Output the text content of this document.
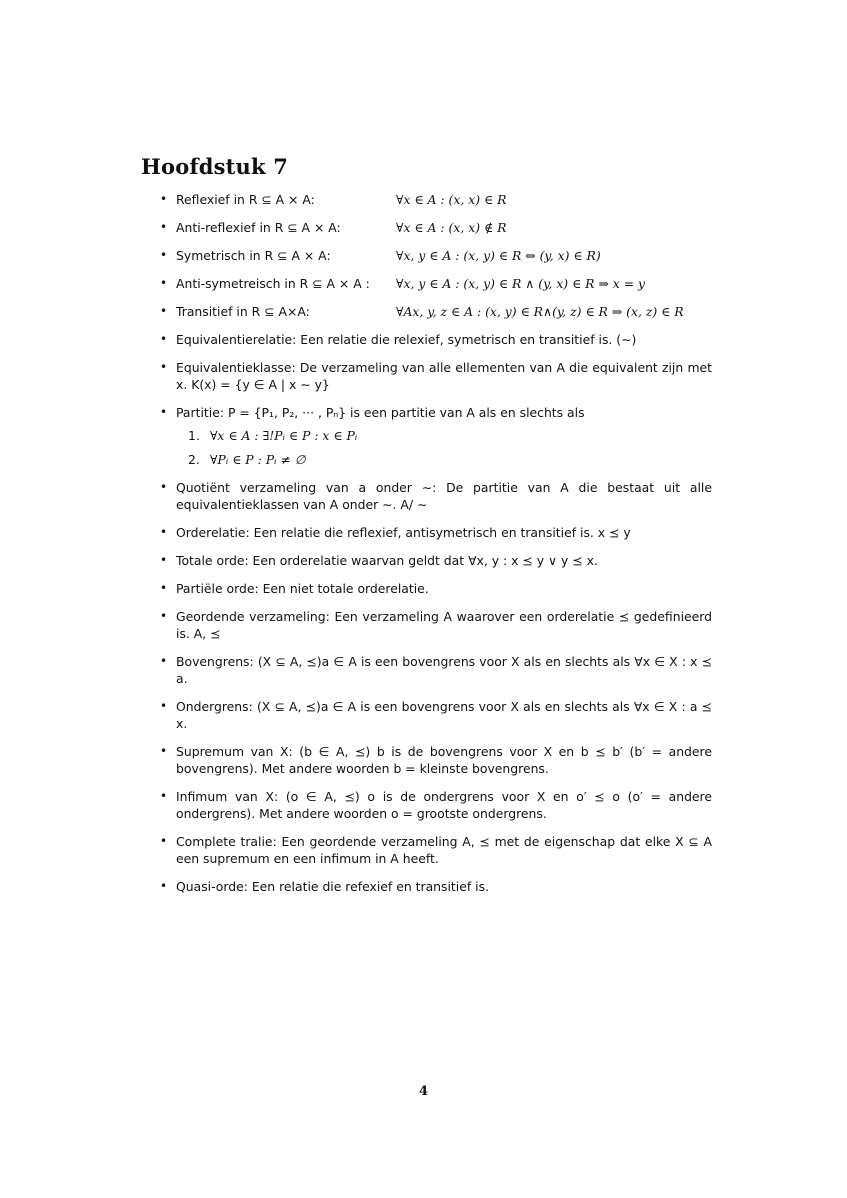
Hoofdstuk 7
• Reflexief in R ⊆ A × A:	∀x ∈ A : (x, x) ∈ R
• Anti-reflexief in R ⊆ A × A:	∀x ∈ A : (x, x) ∉ R
• Symetrisch in R ⊆ A × A:	∀x, y ∈ A : (x, y) ∈ R ⇔ (y, x) ∈ R)
• Anti-symetreisch in R ⊆ A × A :	∀x, y ∈ A : (x, y) ∈ R ∧ (y, x) ∈ R ⇒ x = y
• Transitief in R ⊆ A×A:	∀Ax, y, z ∈ A : (x, y) ∈ R∧(y, z) ∈ R ⇒ (x, z) ∈ R
• Equivalentierelatie: Een relatie die relexief, symetrisch en transitief is. (∼)
• Equivalentieklasse: De verzameling van alle ellementen van A die equivalent zijn met x. K(x) = {y ∈ A | x ∼ y}
• Partitie: P = {P₁, P₂, ··· , Pₙ} is een partitie van A als en slechts als
1. ∀x ∈ A : ∃!Pᵢ ∈ P : x ∈ Pᵢ
2. ∀Pᵢ ∈ P : Pᵢ ≠ ∅
• Quotiënt verzameling van a onder ∼: De partitie van A die bestaat uit alle equivalentieklassen van A onder ∼. A/ ∼
• Orderelatie: Een relatie die reflexief, antisymetrisch en transitief is. x ⪯ y
• Totale orde: Een orderelatie waarvan geldt dat ∀x, y : x ⪯ y ∨ y ⪯ x.
• Partiële orde: Een niet totale orderelatie.
• Geordende verzameling: Een verzameling A waarover een orderelatie ⪯ gedefinieerd is. A, ⪯
• Bovengrens: (X ⊆ A, ⪯)a ∈ A is een bovengrens voor X als en slechts als ∀x ∈ X : x ⪯ a.
• Ondergrens: (X ⊆ A, ⪯)a ∈ A is een bovengrens voor X als en slechts als ∀x ∈ X : a ⪯ x.
• Supremum van X: (b ∈ A, ⪯) b is de bovengrens voor X en b ⪯ b′ (b′ = andere bovengrens). Met andere woorden b = kleinste bovengrens.
• Infimum van X: (o ∈ A, ⪯) o is de ondergrens voor X en o′ ⪯ o (o′ = andere ondergrens). Met andere woorden o = grootste ondergrens.
• Complete tralie: Een geordende verzameling A, ⪯ met de eigenschap dat elke X ⊆ A een supremum en een infimum in A heeft.
• Quasi-orde: Een relatie die refexief en transitief is.
4
